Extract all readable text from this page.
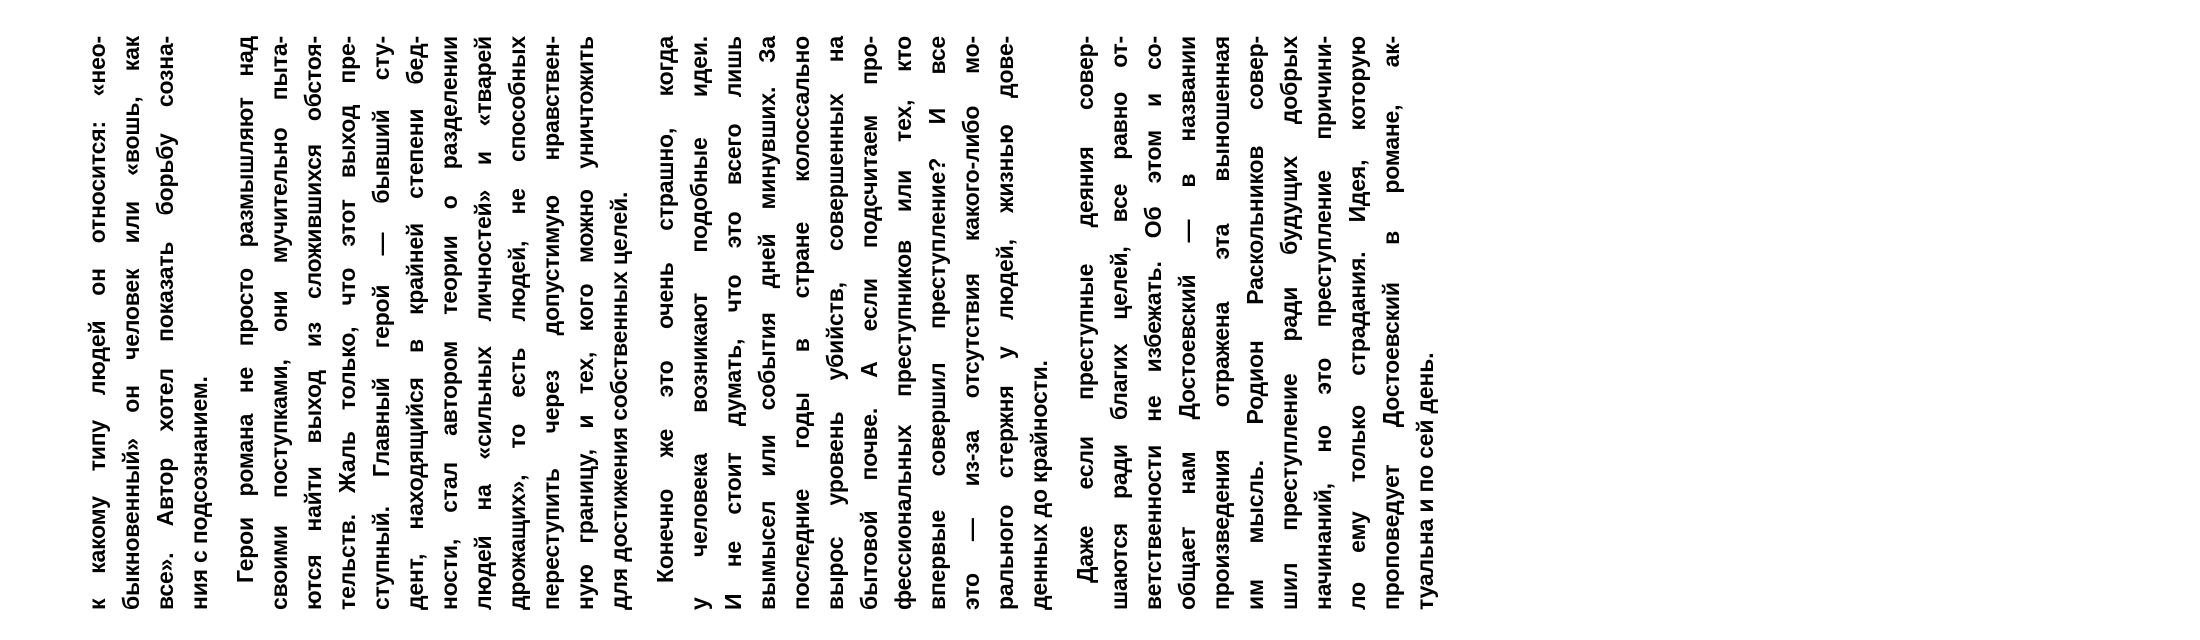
к какому типу людей он относится: «нео- быкновенный» он человек или «вошь, как все». Автор хотел показать борьбу созна- ния с подсознанием. Герои романа не просто размышляют над своими поступками, они мучительно пыта- ются найти выход из сложившихся обстоя- тельств. Жаль только, что этот выход пре- ступный. Главный герой — бывший сту- дент, находящийся в крайней степени бед- ности, стал автором теории о разделении людей на «сильных личностей» и «тварей дрожащих», то есть людей, не способных переступить через допустимую нравствен- ную границу, и тех, кого можно уничтожить для достижения собственных целей. Конечно же это очень страшно, когда у человека возникают подобные идеи. И не стоит думать, что это всего лишь вымысел или события дней минувших. За последние годы в стране колоссально вырос уровень убийств, совершенных на бытовой почве. А если подсчитаем про- фессиональных преступников или тех, кто впервые совершил преступление? И все это — из-за отсутствия какого-либо мо- рального стержня у людей, жизнью дове- денных до крайности. Даже если преступные деяния совер- шаются ради благих целей, все равно от- ветственности не избежать. Об этом и со- общает нам Достоевский — в названии произведения отражена эта выношенная им мысль. Родион Раскольников совер- шил преступление ради будущих добрых начинаний, но это преступление причини- ло ему только страдания. Идея, которую проповедует Достоевский в романе, ак- туальна и по сей день.
